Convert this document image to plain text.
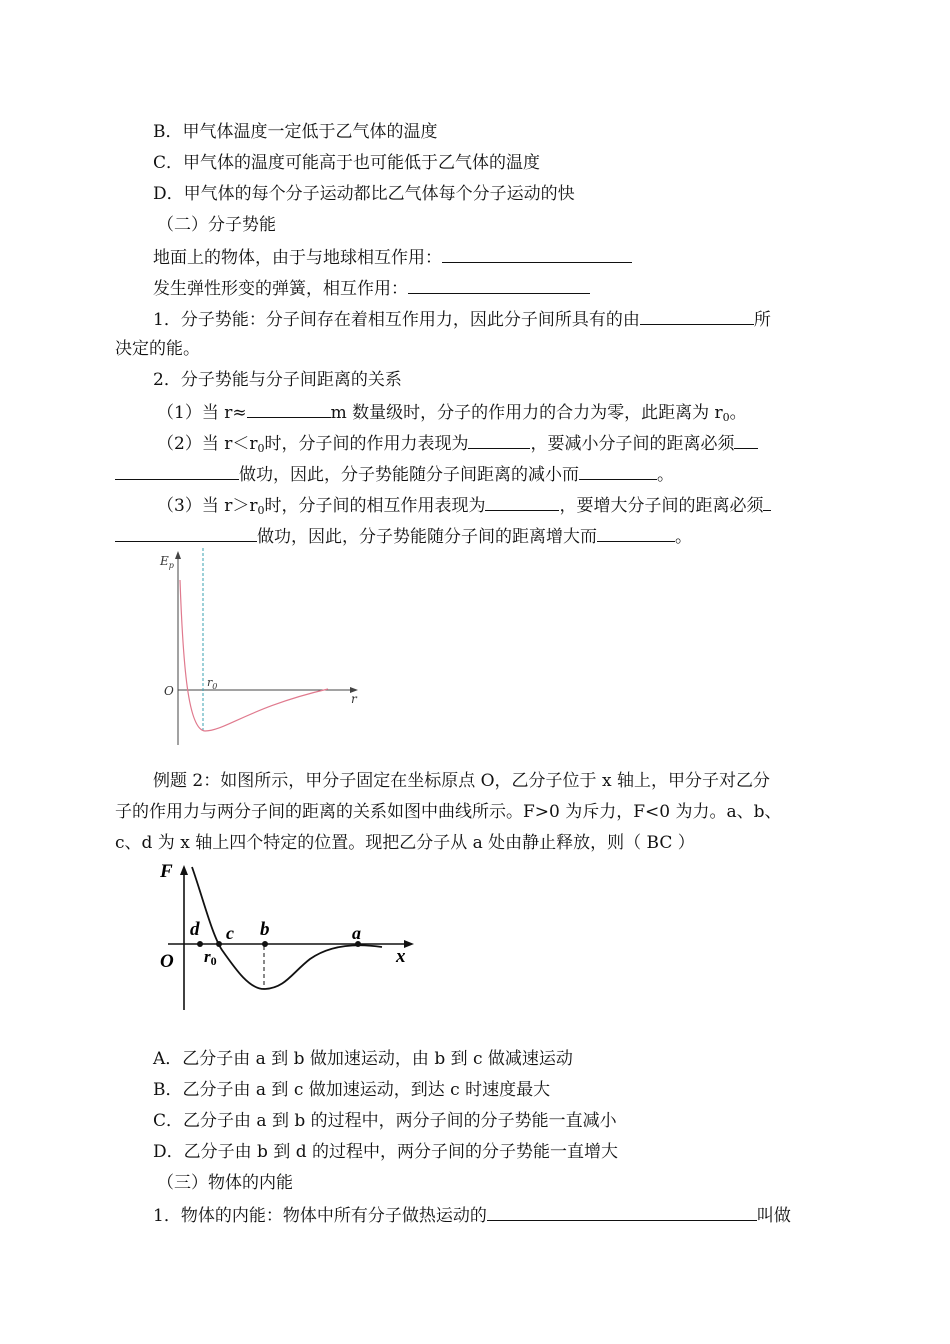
B．甲气体温度一定低于乙气体的温度
C．甲气体的温度可能高于也可能低于乙气体的温度
D．甲气体的每个分子运动都比乙气体每个分子运动的快
（二）分子势能
地面上的物体，由于与地球相互作用：
发生弹性形变的弹簧，相互作用：
1．分子势能：分子间存在着相互作用力，因此分子间所具有的由	所
决定的能。
2．分子势能与分子间距离的关系
（1）当 r≈	m 数量级时，分子的作用力的合力为零，此距离为 $r_0$。
（2）当 $r<r_0$时，分子间的作用力表现为	，要减小分子间的距离必须
做功，因此，分子势能随分子间距离的减小而	。
（3）当 $r>r_0$时，分子间的相互作用表现为	，要增大分子间的距离必须
做功，因此，分子势能随分子间的距离增大而	。
$E_p$
O
$r_0$
r
例题 2：如图所示，甲分子固定在坐标原点 O，乙分子位于 x 轴上，甲分子对乙分
子的作用力与两分子间的距离的关系如图中曲线所示。F>0 为斥力，F<0 为力。a、b、
c、d 为 x 轴上四个特定的位置。现把乙分子从 a 处由静止释放，则（ BC ）
F
O
d c b	a
r0	x
A．乙分子由 a 到 b 做加速运动，由 b 到 c 做减速运动
B．乙分子由 a 到 c 做加速运动，到达 c 时速度最大
C．乙分子由 a 到 b 的过程中，两分子间的分子势能一直减小
D．乙分子由 b 到 d 的过程中，两分子间的分子势能一直增大
（三）物体的内能
1．物体的内能：物体中所有分子做热运动的	叫做
